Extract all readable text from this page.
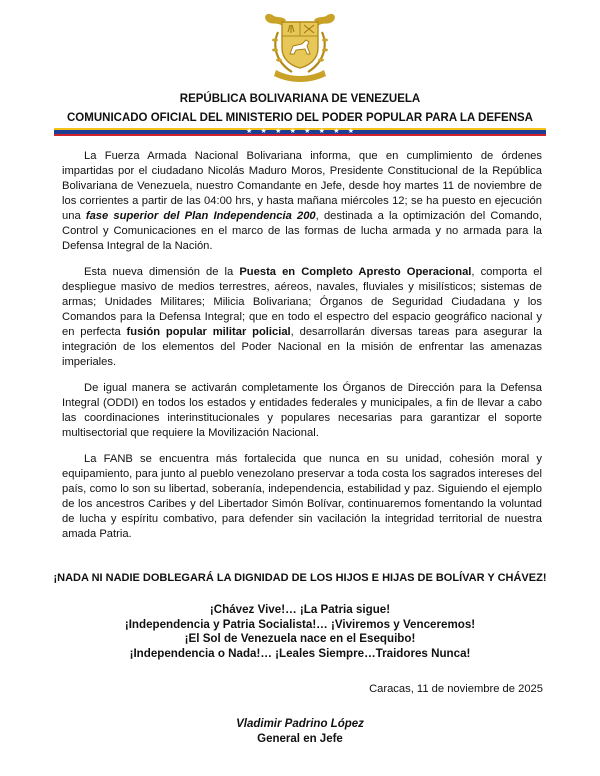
REPÚBLICA BOLIVARIANA DE VENEZUELA
COMUNICADO OFICIAL DEL MINISTERIO DEL PODER POPULAR PARA LA DEFENSA
★ ★ ★ ★ ★ ★ ★ ★

La Fuerza Armada Nacional Bolivariana informa, que en cumplimiento de órdenes impartidas por el ciudadano Nicolás Maduro Moros, Presidente Constitucional de la República Bolivariana de Venezuela, nuestro Comandante en Jefe, desde hoy martes 11 de noviembre de los corrientes a partir de las 04:00 hrs, y hasta mañana miércoles 12; se ha puesto en ejecución una fase superior del Plan Independencia 200, destinada a la optimización del Comando, Control y Comunicaciones en el marco de las formas de lucha armada y no armada para la Defensa Integral de la Nación.

Esta nueva dimensión de la Puesta en Completo Apresto Operacional, comporta el despliegue masivo de medios terrestres, aéreos, navales, fluviales y misilísticos; sistemas de armas; Unidades Militares; Milicia Bolivariana; Órganos de Seguridad Ciudadana y los Comandos para la Defensa Integral; que en todo el espectro del espacio geográfico nacional y en perfecta fusión popular militar policial, desarrollarán diversas tareas para asegurar la integración de los elementos del Poder Nacional en la misión de enfrentar las amenazas imperiales.

De igual manera se activarán completamente los Órganos de Dirección para la Defensa Integral (ODDI) en todos los estados y entidades federales y municipales, a fin de llevar a cabo las coordinaciones interinstitucionales y populares necesarias para garantizar el soporte multisectorial que requiere la Movilización Nacional.

La FANB se encuentra más fortalecida que nunca en su unidad, cohesión moral y equipamiento, para junto al pueblo venezolano preservar a toda costa los sagrados intereses del país, como lo son su libertad, soberanía, independencia, estabilidad y paz. Siguiendo el ejemplo de los ancestros Caribes y del Libertador Simón Bolívar, continuaremos fomentando la voluntad de lucha y espíritu combativo, para defender sin vacilación la integridad territorial de nuestra amada Patria.

¡NADA NI NADIE DOBLEGARÁ LA DIGNIDAD DE LOS HIJOS E HIJAS DE BOLÍVAR Y CHÁVEZ!
¡Chávez Vive!… ¡La Patria sigue!
¡Independencia y Patria Socialista!… ¡Viviremos y Venceremos!
¡El Sol de Venezuela nace en el Esequibo!
¡Independencia o Nada!… ¡Leales Siempre…Traidores Nunca!
Caracas, 11 de noviembre de 2025
Vladimir Padrino López
General en Jefe
